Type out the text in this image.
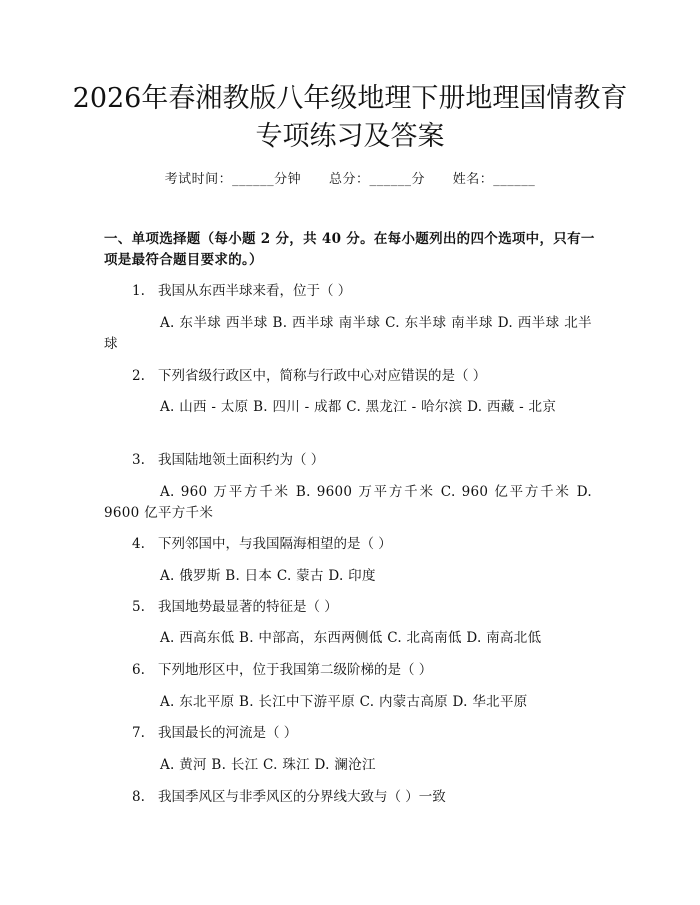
2026年春湘教版八年级地理下册地理国情教育专项练习及答案
考试时间：______分钟 总分：______分 姓名：______

一、单项选择题（每小题 2 分，共 40 分。在每小题列出的四个选项中，只有一项是最符合题目要求的。）

1. 我国从东西半球来看，位于（ ）

A. 东半球 西半球 B. 西半球 南半球 C. 东半球 南半球 D. 西半球 北半球

2. 下列省级行政区中，简称与行政中心对应错误的是（ ）

A. 山西 - 太原 B. 四川 - 成都 C. 黑龙江 - 哈尔滨 D. 西藏 - 北京

3. 我国陆地领土面积约为（ ）

A. 960 万平方千米 B. 9600 万平方千米 C. 960 亿平方千米 D. 9600 亿平方千米

4. 下列邻国中，与我国隔海相望的是（ ）

A. 俄罗斯 B. 日本 C. 蒙古 D. 印度

5. 我国地势最显著的特征是（ ）

A. 西高东低 B. 中部高，东西两侧低 C. 北高南低 D. 南高北低

6. 下列地形区中，位于我国第二级阶梯的是（ ）

A. 东北平原 B. 长江中下游平原 C. 内蒙古高原 D. 华北平原

7. 我国最长的河流是（ ）

A. 黄河 B. 长江 C. 珠江 D. 澜沧江

8. 我国季风区与非季风区的分界线大致与（ ）一致
